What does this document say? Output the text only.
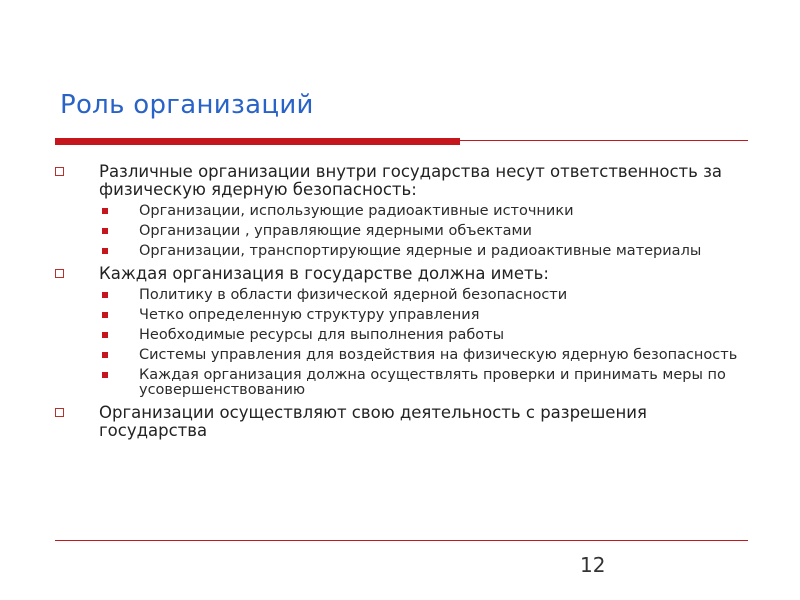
Роль организаций
Различные организации внутри государства несут ответственность за физическую ядерную безопасность:
Организации, использующие радиоактивные источники
Организации , управляющие ядерными объектами
Организации, транспортирующие ядерные и радиоактивные материалы
Каждая организация в государстве должна иметь:
Политику в области физической ядерной безопасности
Четко определенную структуру управления
Необходимые ресурсы для выполнения работы
Системы управления для воздействия на физическую ядерную безопасность
Каждая организация должна осуществлять проверки и принимать меры по усовершенствованию
Организации осуществляют свою деятельность с разрешения государства
12
